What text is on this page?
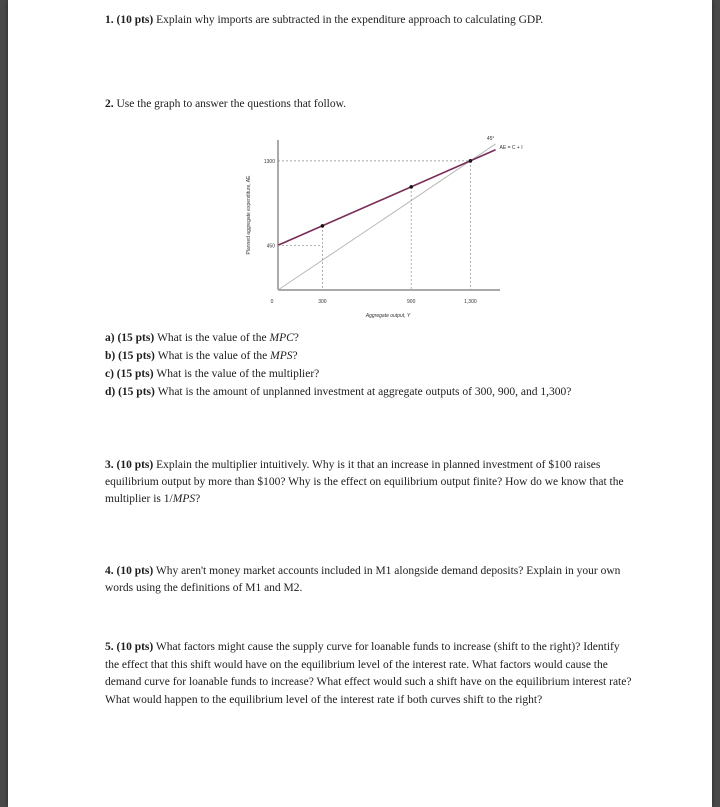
1. (10 pts) Explain why imports are subtracted in the expenditure approach to calculating GDP.
2. Use the graph to answer the questions that follow.
Planned aggregate expenditure, AE
Aggregate output, Y
0	300	900	1,300
450
1300
45°
AE = C + I
a) (15 pts) What is the value of the MPC?
b) (15 pts) What is the value of the MPS?
c) (15 pts) What is the value of the multiplier?
d) (15 pts) What is the amount of unplanned investment at aggregate outputs of 300, 900, and 1,300?
3. (10 pts) Explain the multiplier intuitively. Why is it that an increase in planned investment of $100 raises equilibrium output by more than $100? Why is the effect on equilibrium output finite? How do we know that the multiplier is 1/MPS?
4. (10 pts) Why aren't money market accounts included in M1 alongside demand deposits? Explain in your own words using the definitions of M1 and M2.
5. (10 pts) What factors might cause the supply curve for loanable funds to increase (shift to the right)? Identify the effect that this shift would have on the equilibrium level of the interest rate. What factors would cause the demand curve for loanable funds to increase? What effect would such a shift have on the equilibrium interest rate? What would happen to the equilibrium level of the interest rate if both curves shift to the right?
